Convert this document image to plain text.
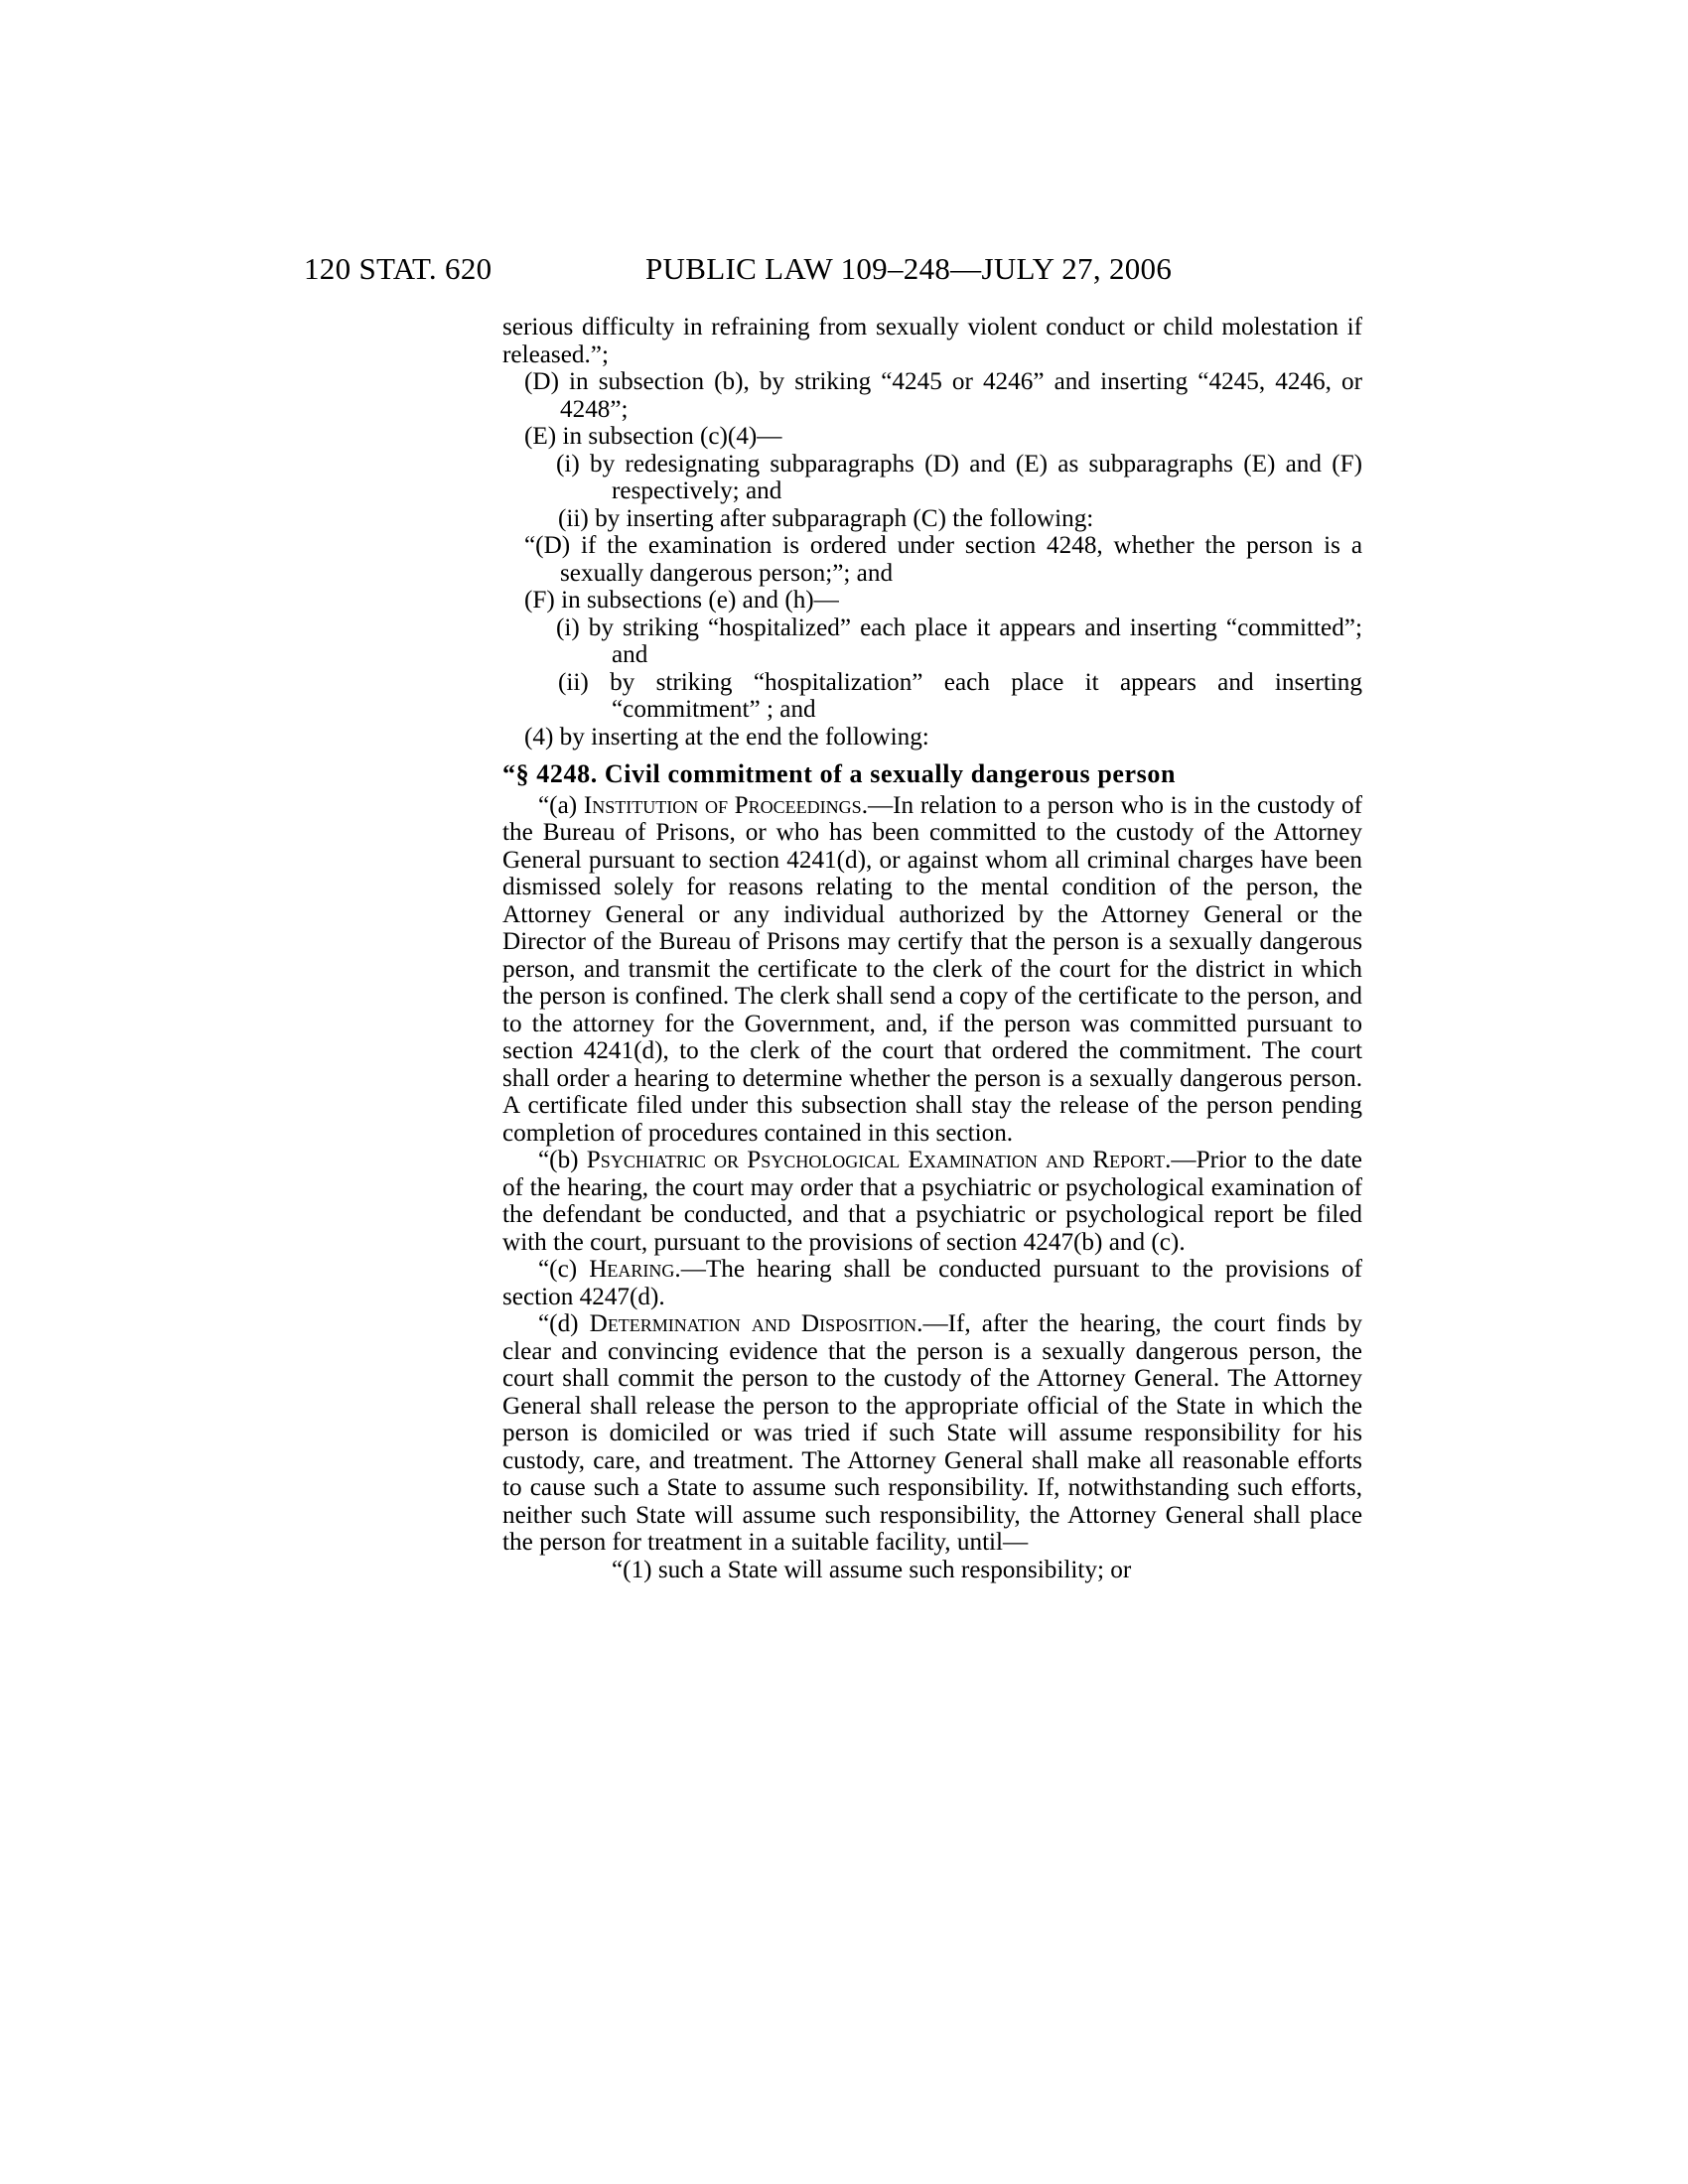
120 STAT. 620	PUBLIC LAW 109–248—JULY 27, 2006

serious difficulty in refraining from sexually violent conduct or child molestation if released.”;

(D) in subsection (b), by striking “4245 or 4246” and inserting “4245, 4246, or 4248”;

(E) in subsection (c)(4)—

(i) by redesignating subparagraphs (D) and (E) as subparagraphs (E) and (F) respectively; and

(ii) by inserting after subparagraph (C) the following:

“(D) if the examination is ordered under section 4248, whether the person is a sexually dangerous person;”; and

(F) in subsections (e) and (h)—

(i) by striking “hospitalized” each place it appears and inserting “committed”; and

(ii) by striking “hospitalization” each place it appears and inserting “commitment” ; and

(4) by inserting at the end the following:

“§ 4248. Civil commitment of a sexually dangerous person

“(a) Institution of Proceedings.—In relation to a person who is in the custody of the Bureau of Prisons, or who has been committed to the custody of the Attorney General pursuant to section 4241(d), or against whom all criminal charges have been dismissed solely for reasons relating to the mental condition of the person, the Attorney General or any individual authorized by the Attorney General or the Director of the Bureau of Prisons may certify that the person is a sexually dangerous person, and transmit the certificate to the clerk of the court for the district in which the person is confined. The clerk shall send a copy of the certificate to the person, and to the attorney for the Government, and, if the person was committed pursuant to section 4241(d), to the clerk of the court that ordered the commitment. The court shall order a hearing to determine whether the person is a sexually dangerous person. A certificate filed under this subsection shall stay the release of the person pending completion of procedures contained in this section.

“(b) Psychiatric or Psychological Examination and Report.—Prior to the date of the hearing, the court may order that a psychiatric or psychological examination of the defendant be conducted, and that a psychiatric or psychological report be filed with the court, pursuant to the provisions of section 4247(b) and (c).

“(c) Hearing.—The hearing shall be conducted pursuant to the provisions of section 4247(d).

“(d) Determination and Disposition.—If, after the hearing, the court finds by clear and convincing evidence that the person is a sexually dangerous person, the court shall commit the person to the custody of the Attorney General. The Attorney General shall release the person to the appropriate official of the State in which the person is domiciled or was tried if such State will assume responsibility for his custody, care, and treatment. The Attorney General shall make all reasonable efforts to cause such a State to assume such responsibility. If, notwithstanding such efforts, neither such State will assume such responsibility, the Attorney General shall place the person for treatment in a suitable facility, until—

“(1) such a State will assume such responsibility; or
